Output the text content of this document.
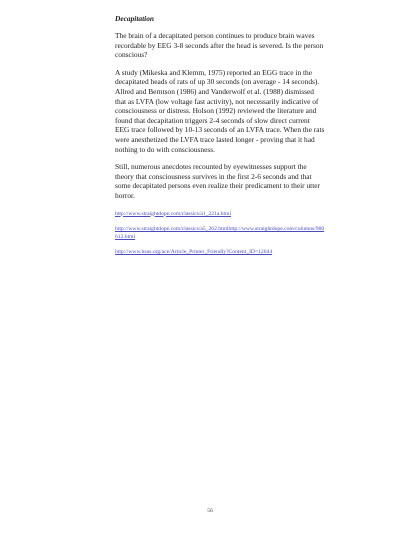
Decapitation

The brain of a decapitated person continues to produce brain waves recordable by EEG 3-8 seconds after the head is severed. Is the person conscious?

A study (Mikeska and Klemm, 1975) reported an EGG trace in the decapitated heads of rats of up 30 seconds (on average - 14 seconds). Allred and Berntson (1986) and Vanderwolf et al. (1988) dismissed that as LVFA (low voltage fast activity), not necessarily indicative of consciousness or distress. Holson (1992) reviewed the literature and found that decapitation triggers 2-4 seconds of slow direct current EEG trace followed by 10-13 seconds of an LVFA trace. When the rats were anesthetized the LVFA trace lasted longer - proving that it had nothing to do with consciousness.

Still, numerous anecdotes recounted by eyewitnesses support the theory that consciousness survives in the first 2-6 seconds and that some decapitated persons even realize their predicament to their utter horror.

http://www.straightdope.com/classics/a1_221a.html
http://www.straightdope.com/classics/a5_262.htmlhttp://www.straightdope.com/columns/980612.html
http://www.hsus.org/ace/Article_Printer_Friendly?Content_ID=12644
56
